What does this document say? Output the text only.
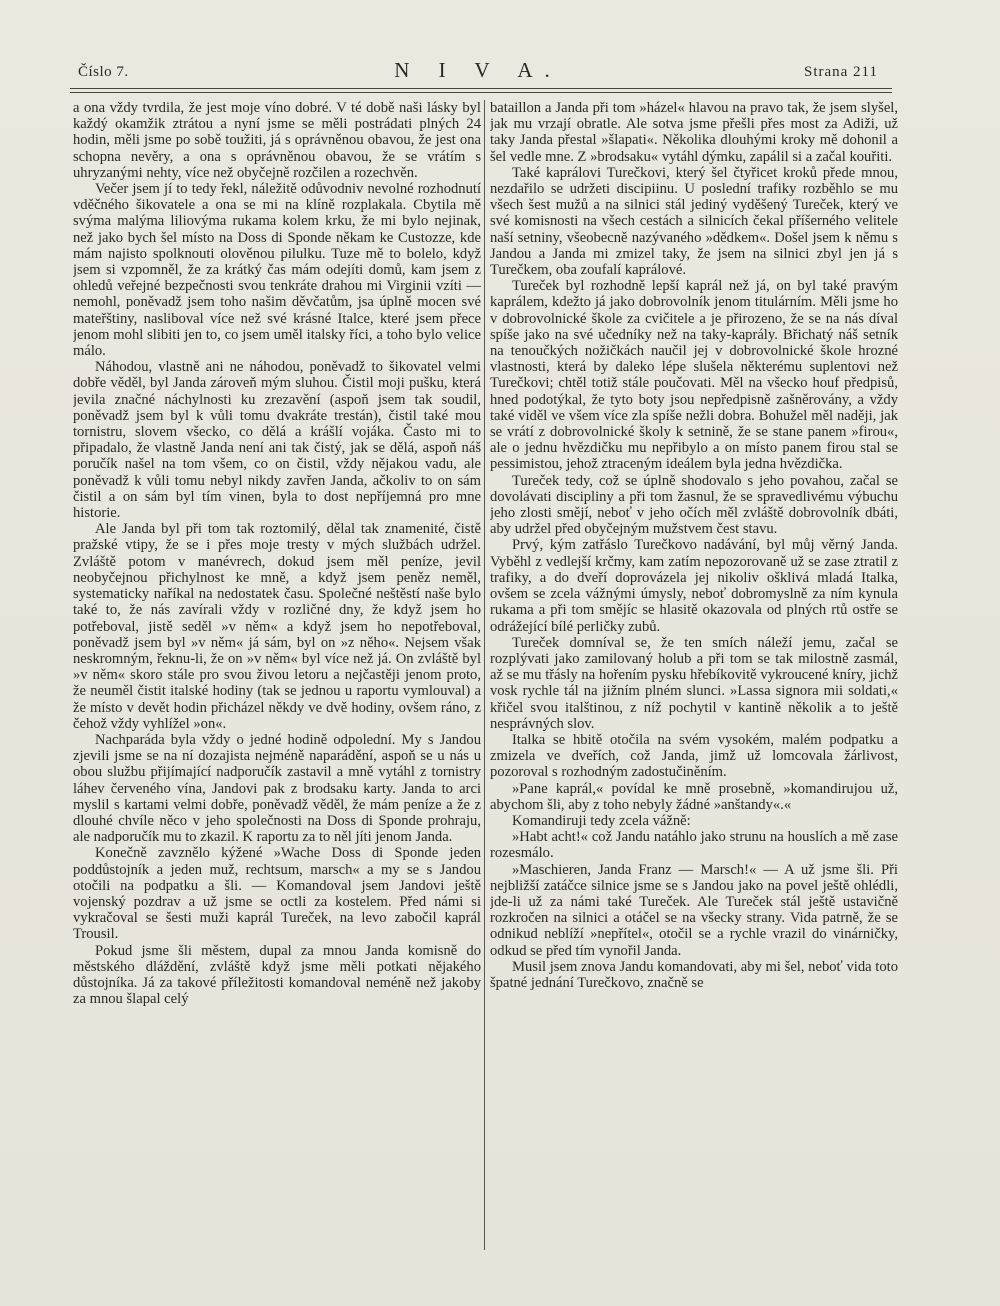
Číslo 7.	N I V A.	Strana 211

a ona vždy tvrdila, že jest moje víno dobré. V té době naši lásky byl každý okamžik ztrátou a nyní jsme se měli postrádati plných 24 hodin, měli jsme po sobě toužiti, já s oprávněnou obavou, že jest ona schopna nevěry, a ona s oprávněnou obavou, že se vrátím s uhryzanými nehty, více než obyčejně rozčilen a rozechvěn.

Večer jsem jí to tedy řekl, náležitě odůvodniv nevolné rozhodnutí vděčného šikovatele a ona se mi na klíně rozplakala. Cbytila mě svýma malýma liliovýma rukama kolem krku, že mi bylo nejinak, než jako bych šel místo na Doss di Sponde někam ke Custozze, kde mám najisto spolknouti olověnou pilulku. Tuze mě to bolelo, když jsem si vzpomněl, že za krátký čas mám odejíti domů, kam jsem z ohledů veřejné bezpečnosti svou tenkráte drahou mi Virginii vzíti — nemohl, poněvadž jsem toho našim děvčatům, jsa úplně mocen své mateřštiny, nasliboval více než své krásné Italce, které jsem přece jenom mohl slibiti jen to, co jsem uměl italsky říci, a toho bylo velice málo.

Náhodou, vlastně ani ne náhodou, poněvadž to šikovatel velmi dobře věděl, byl Janda zároveň mým sluhou. Čistil moji pušku, která jevila značné náchylnosti ku zrezavění (aspoň jsem tak soudil, poněvadž jsem byl k vůli tomu dvakráte trestán), čistil také mou tornistru, slovem všecko, co dělá a krášlí vojáka. Často mi to připadalo, že vlastně Janda není ani tak čistý, jak se dělá, aspoň náš poručík našel na tom všem, co on čistil, vždy nějakou vadu, ale poněvadž k vůli tomu nebyl nikdy zavřen Janda, ačkoliv to on sám čistil a on sám byl tím vinen, byla to dost nepříjemná pro mne historie.

Ale Janda byl při tom tak roztomilý, dělal tak znamenité, čistě pražské vtipy, že se i přes moje tresty v mých službách udržel. Zvláště potom v manévrech, dokud jsem měl peníze, jevil neobyčejnou přichylnost ke mně, a když jsem peněz neměl, systematicky naříkal na nedostatek času. Společné neštěstí naše bylo také to, že nás zavírali vždy v rozličné dny, že když jsem ho potřeboval, jistě seděl »v něm« a když jsem ho nepotřeboval, poněvadž jsem byl »v něm« já sám, byl on »z něho«. Nejsem však neskromným, řeknu-li, že on »v něm« byl více než já. On zvláště byl »v něm« skoro stále pro svou živou letoru a nejčastěji jenom proto, že neuměl čistit italské hodiny (tak se jednou u raportu vymlouval) a že místo v devět hodin přicházel někdy ve dvě hodiny, ovšem ráno, z čehož vždy vyhlížel »on«.

Nachparáda byla vždy o jedné hodině odpolední. My s Jandou zjevili jsme se na ní dozajista nejméně naparádění, aspoň se u nás u obou službu přijímající nadporučík zastavil a mně vytáhl z tornistry láhev červeného vína, Jandovi pak z brodsaku karty. Janda to arci myslil s kartami velmi dobře, poněvadž věděl, že mám peníze a že z dlouhé chvíle něco v jeho společnosti na Doss di Sponde prohraju, ale nadporučík mu to zkazil. K raportu za to něl jíti jenom Janda.

Konečně zavznělo kýžené »Wache Doss di Sponde jeden poddůstojník a jeden muž, rechtsum, marsch« a my se s Jandou otočili na podpatku a šli. — Komandoval jsem Jandovi ještě vojenský pozdrav a už jsme se octli za kostelem. Před námi si vykračoval se šesti muži kaprál Tureček, na levo zabočil kaprál Trousil.

Pokud jsme šli městem, dupal za mnou Janda komisně do městského dláždění, zvláště když jsme měli potkati nějakého důstojníka. Já za takové příležitosti komandoval neméně než jakoby za mnou šlapal celý

bataillon a Janda při tom »házel« hlavou na pravo tak, že jsem slyšel, jak mu vrzají obratle. Ale sotva jsme přešli přes most za Adiži, už taky Janda přestal »šlapati«. Několika dlouhými kroky mě dohonil a šel vedle mne. Z »brodsaku« vytáhl dýmku, zapálil si a začal kouřiti.

Také kaprálovi Turečkovi, který šel čtyřicet kroků přede mnou, nezdařilo se udržeti discipiinu. U poslední trafiky rozběhlo se mu všech šest mužů a na silnici stál jediný vyděšený Tureček, který ve své komisnosti na všech cestách a silnicích čekal příšerného velitele naší setniny, všeobecně nazývaného »dědkem«. Došel jsem k němu s Jandou a Janda mi zmizel taky, že jsem na silnici zbyl jen já s Turečkem, oba zoufalí kaprálové.

Tureček byl rozhodně lepší kaprál než já, on byl také pravým kaprálem, kdežto já jako dobrovolník jenom titulárním. Měli jsme ho v dobrovolnické škole za cvičitele a je přirozeno, že se na nás díval spíše jako na své učedníky než na taky-kaprály. Břichatý náš setník na tenoučkých nožičkách naučil jej v dobrovolnické škole hrozné vlastnosti, která by daleko lépe slušela některému suplentovi než Turečkovi; chtěl totiž stále poučovati. Měl na všecko houf předpisů, hned podotýkal, že tyto boty jsou nepředpisně zašněrovány, a vždy také viděl ve všem více zla spíše nežli dobra. Bohužel měl naději, jak se vrátí z dobrovolnické školy k setnině, že se stane panem »firou«, ale o jednu hvězdičku mu nepřibylo a on místo panem firou stal se pessimistou, jehož ztraceným ideálem byla jedna hvězdička.

Tureček tedy, což se úplně shodovalo s jeho povahou, začal se dovolávati discipliny a při tom žasnul, že se spravedlivému výbuchu jeho zlosti smějí, neboť v jeho očích měl zvláště dobrovolník dbáti, aby udržel před obyčejným mužstvem čest stavu.

Prvý, kým zatřáslo Turečkovo nadávání, byl můj věrný Janda. Vyběhl z vedlejší krčmy, kam zatím nepozorovaně už se zase ztratil z trafiky, a do dveří doprovázela jej nikoliv ošklivá mladá Italka, ovšem se zcela vážnými úmysly, neboť dobromyslně za ním kynula rukama a při tom smějíc se hlasitě okazovala od plných rtů ostře se odrážející bílé perličky zubů.

Tureček domníval se, že ten smích náleží jemu, začal se rozplývati jako zamilovaný holub a při tom se tak milostně zasmál, až se mu třásly na hořením pysku hřebíkovitě vykroucené kníry, jichž vosk rychle tál na jižním plném slunci. »Lassa signora mii soldati,« křičel svou italštinou, z níž pochytil v kantině několik a to ještě nesprávných slov.

Italka se hbitě otočila na svém vysokém, malém podpatku a zmizela ve dveřích, což Janda, jimž už lomcovala žárlivost, pozoroval s rozhodným zadostučiněním.

»Pane kaprál,« povídal ke mně prosebně, »komandirujou už, abychom šli, aby z toho nebyly žádné »anštandy«.«

Komandiruji tedy zcela vážně:

»Habt acht!« což Jandu natáhlo jako strunu na houslích a mě zase rozesmálo.

»Maschieren, Janda Franz — Marsch!« — A už jsme šli. Při nejbližší zatáčce silnice jsme se s Jandou jako na povel ještě ohlédli, jde-li už za námi také Tureček. Ale Tureček stál ještě ustavičně rozkročen na silnici a otáčel se na všecky strany. Vida patrně, že se odnikud neblíží »nepřítel«, otočil se a rychle vrazil do vinárničky, odkud se před tím vynořil Janda.

Musil jsem znova Jandu komandovati, aby mi šel, neboť vida toto špatné jednání Turečkovo, značně se
